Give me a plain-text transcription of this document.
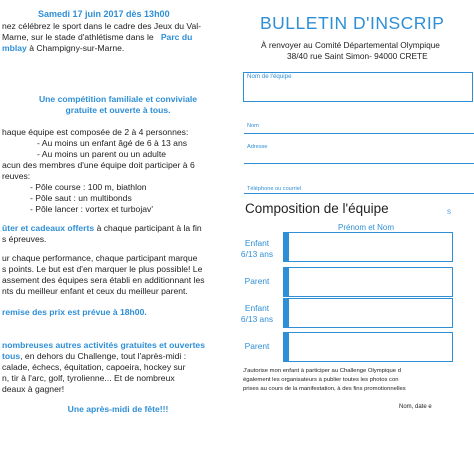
Samedi 17 juin 2017 dès 13h00
nez célébrez le sport dans le cadre des Jeux du Val-
Marne, sur le stade d'athlétisme dans le Parc du
mblay à Champigny-sur-Marne.
Une compétition familiale et conviviale
gratuite et ouverte à tous.
haque équipe est composée de 2 à 4 personnes:
- Au moins un enfant âgé de 6 à 13 ans
- Au moins un parent ou un adulte
acun des membres d'une équipe doit participer à 6
reuves:
- Pôle course : 100 m, biathlon
- Pôle saut : un multibonds
- Pôle lancer : vortex et turbojav'
ûter et cadeaux offerts à chaque participant à la fin
s épreuves.
ur chaque performance, chaque participant marque
s points. Le but est d'en marquer le plus possible! Le
assement des équipes sera établi en additionnant les
nts du meilleur enfant et ceux du meilleur parent.
remise des prix est prévue à 18h00.
nombreuses autres activités gratuites et ouvertes
tous, en dehors du Challenge, tout l'après-midi :
calade, échecs, équitation, capoeira, hockey sur
n, tir à l'arc, golf, tyrolienne... Et de nombreux
deaux à gagner!
Une après-midi de fête!!!
BULLETIN D'INSCRIP
À renvoyer au Comité Départemental Olympique
38/40 rue Saint Simon- 94000 CRETE
Nom de l'équipe
Nom
Adresse
Téléphone ou courriel
Composition de l'équipe	S
Prénom et Nom
Enfant
6/13 ans
Parent
Enfant
6/13 ans
Parent
J'autorise mon enfant à participer au Challenge Olympique d
également les organisateurs à publier toutes les photos con
prises au cours de la manifestation, à des fins promotionnelles
Nom, date e
